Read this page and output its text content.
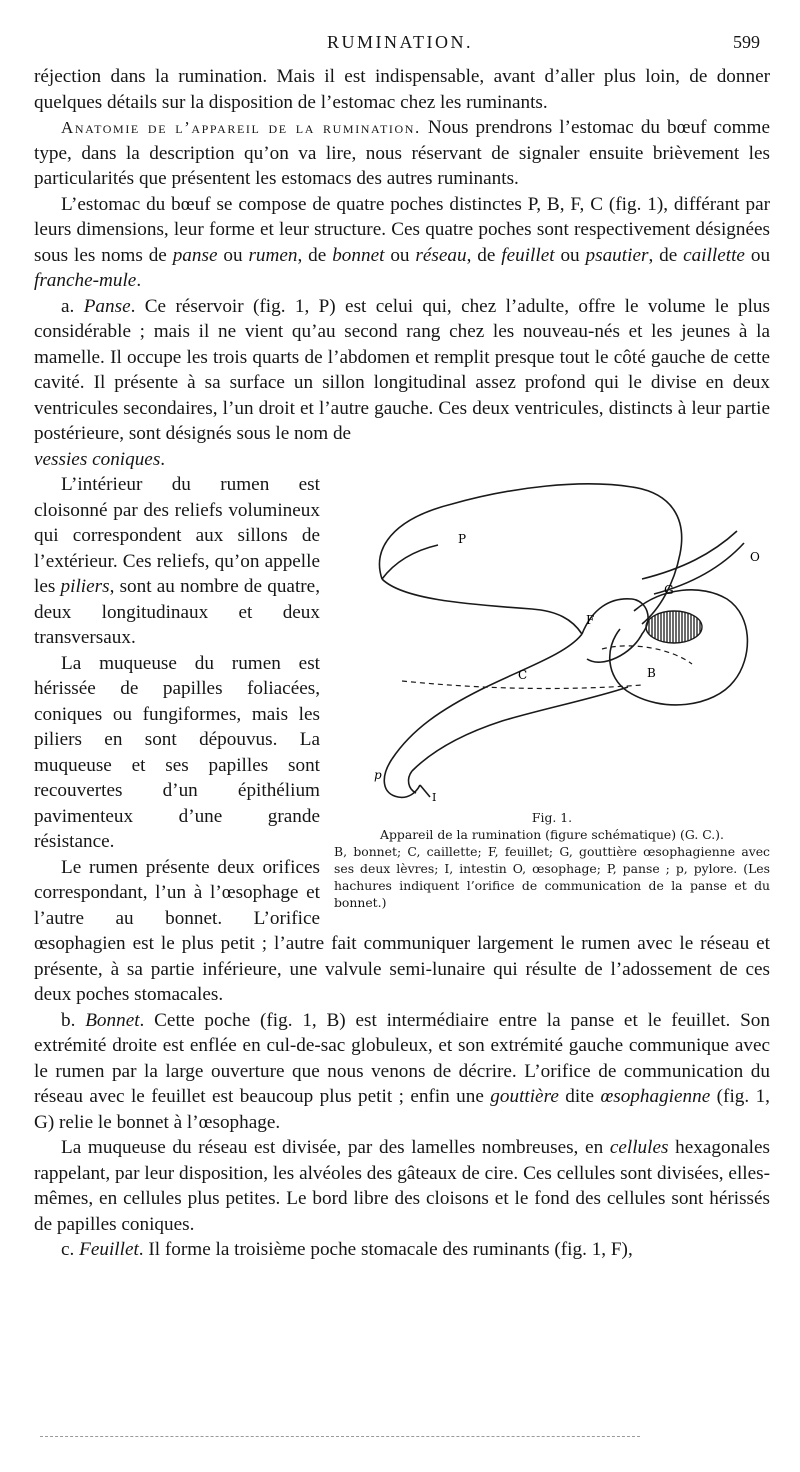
RUMINATION.	599

réjection dans la rumination. Mais il est indispensable, avant d’aller plus loin, de donner quelques détails sur la disposition de l’estomac chez les ruminants.

Anatomie de l’appareil de la rumination. Nous prendrons l’estomac du bœuf comme type, dans la description qu’on va lire, nous réservant de signaler ensuite brièvement les particularités que présentent les estomacs des autres ruminants.

L’estomac du bœuf se compose de quatre poches distinctes P, B, F, C (fig. 1), différant par leurs dimensions, leur forme et leur structure. Ces quatre poches sont respectivement désignées sous les noms de panse ou rumen, de bonnet ou réseau, de feuillet ou psautier, de caillette ou franche-mule.

a. Panse. Ce réservoir (fig. 1, P) est celui qui, chez l’adulte, offre le volume le plus considérable ; mais il ne vient qu’au second rang chez les nouveau-nés et les jeunes à la mamelle. Il occupe les trois quarts de l’abdomen et remplit presque tout le côté gauche de cette cavité. Il présente à sa surface un sillon longitudinal assez profond qui le divise en deux ventricules secondaires, l’un droit et l’autre gauche. Ces deux ventricules, distincts à leur partie postérieure, sont désignés sous le nom de

P
O
G
F
C	B
p
I
Fig. 1.
Appareil de la rumination (figure schématique) (G. C.).
B, bonnet; C, caillette; F, feuillet; G, gouttière œsophagienne avec ses deux lèvres; I, intestin O, œsophage; P, panse ; p, pylore. (Les hachures indiquent l’orifice de communication de la panse et du bonnet.)
vessies coniques.

L’intérieur du rumen est cloisonné par des reliefs volumineux qui correspondent aux sillons de l’extérieur. Ces reliefs, qu’on appelle les piliers, sont au nombre de quatre, deux longitudinaux et deux transversaux.

La muqueuse du rumen est hérissée de papilles foliacées, coniques ou fungiformes, mais les piliers en sont dépouvus. La muqueuse et ses papilles sont recouvertes d’un épithélium pavimenteux d’une grande résistance.

Le rumen présente deux orifices correspondant, l’un à l’œsophage et l’autre au bonnet. L’orifice œsophagien est le plus petit ; l’autre fait communiquer largement le rumen avec le réseau et présente, à sa partie inférieure, une valvule semi-lunaire qui résulte de l’adossement de ces deux poches stomacales.

b. Bonnet. Cette poche (fig. 1, B) est intermédiaire entre la panse et le feuillet. Son extrémité droite est enflée en cul-de-sac globuleux, et son extrémité gauche communique avec le rumen par la large ouverture que nous venons de décrire. L’orifice de communication du réseau avec le feuillet est beaucoup plus petit ; enfin une gouttière dite œsophagienne (fig. 1, G) relie le bonnet à l’œsophage.

La muqueuse du réseau est divisée, par des lamelles nombreuses, en cellules hexagonales rappelant, par leur disposition, les alvéoles des gâteaux de cire. Ces cellules sont divisées, elles-mêmes, en cellules plus petites. Le bord libre des cloisons et le fond des cellules sont hérissés de papilles coniques.

c. Feuillet. Il forme la troisième poche stomacale des ruminants (fig. 1, F),
